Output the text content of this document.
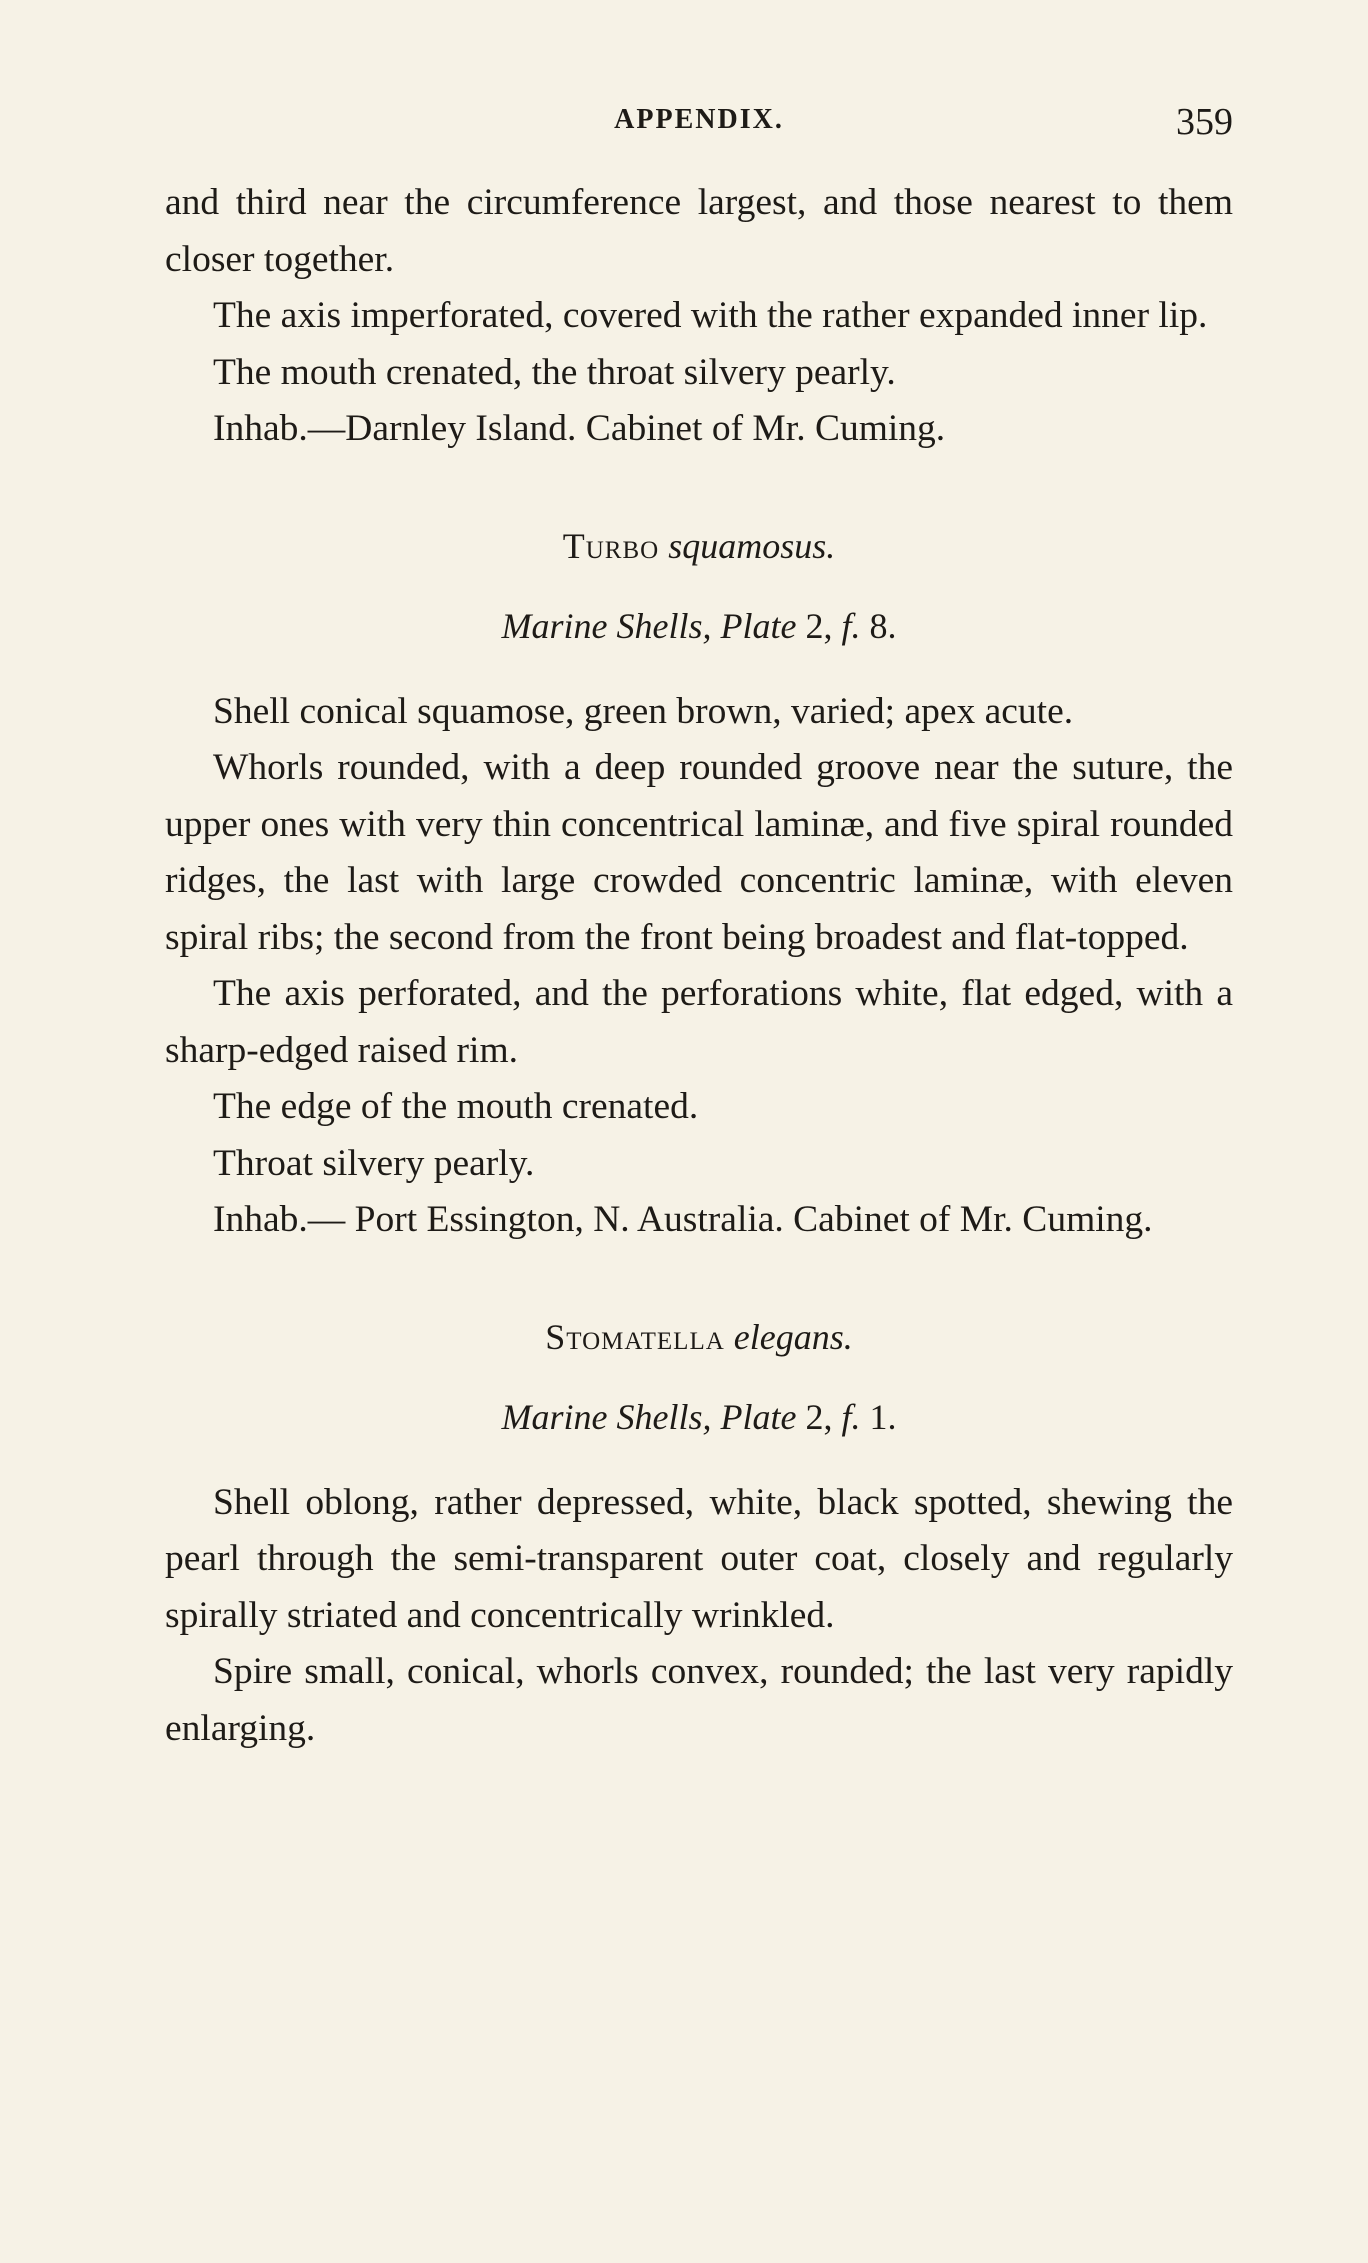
APPENDIX.	359

and third near the circumference largest, and those nearest to them closer together.

The axis imperforated, covered with the rather expanded inner lip.

The mouth crenated, the throat silvery pearly.

Inhab.—Darnley Island. Cabinet of Mr. Cuming.

Turbo squamosus.
Marine Shells, Plate 2, f. 8.

Shell conical squamose, green brown, varied; apex acute.

Whorls rounded, with a deep rounded groove near the suture, the upper ones with very thin concentrical laminæ, and five spiral rounded ridges, the last with large crowded concentric laminæ, with eleven spiral ribs; the second from the front being broadest and flat-topped.

The axis perforated, and the perforations white, flat edged, with a sharp-edged raised rim.

The edge of the mouth crenated.

Throat silvery pearly.

Inhab.— Port Essington, N. Australia. Cabinet of Mr. Cuming.

Stomatella elegans.
Marine Shells, Plate 2, f. 1.

Shell oblong, rather depressed, white, black spotted, shewing the pearl through the semi-transparent outer coat, closely and regularly spirally striated and concentrically wrinkled.

Spire small, conical, whorls convex, rounded; the last very rapidly enlarging.
